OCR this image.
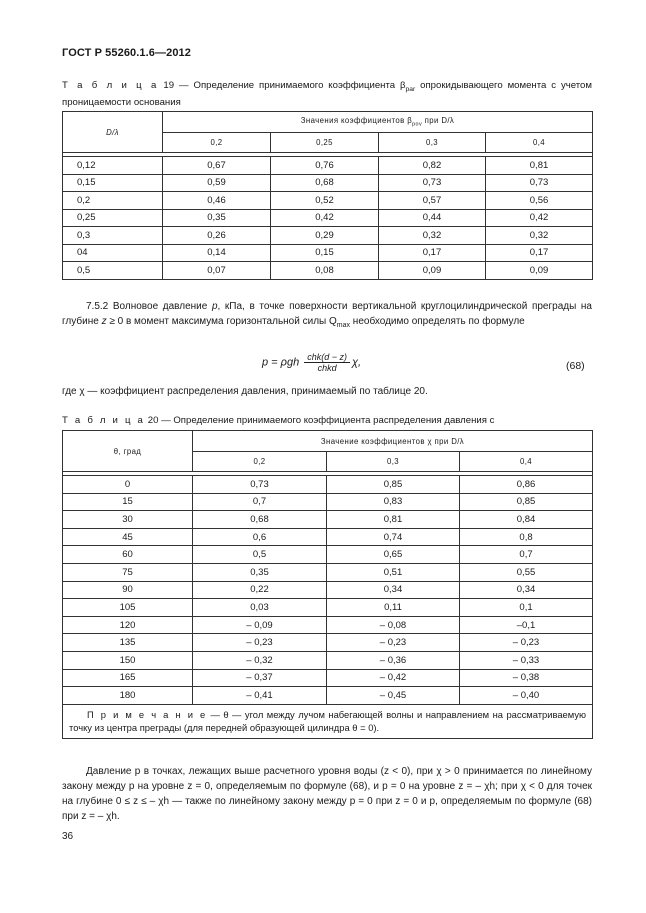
ГОСТ Р 55260.1.6—2012
Т а б л и ц а 19 — Определение принимаемого коэффициента $\beta_{par}$ опрокидывающего момента с учетом проницаемости основания
D/λ	Значения коэффициентов $\beta_{pov}$ при D/λ			
	0,2	0,25	0,3	0,4

0,12	0,67	0,76	0,82	0,81
0,15	0,59	0,68	0,73	0,73
0,2	0,46	0,52	0,57	0,56
0,25	0,35	0,42	0,44	0,42
0,3	0,26	0,29	0,32	0,32
04	0,14	0,15	0,17	0,17
0,5	0,07	0,08	0,09	0,09
7.5.2 Волновое давление p, кПа, в точке поверхности вертикальной круглоцилиндрической преграды на глубине z ≥ 0 в момент максимума горизонтальной силы $Q_{max}$ необходимо определять по формуле
p = ρgh $\frac{\text{chk(d − z)}}{\text{chkd}} \chi$,	(68)
где χ — коэффициент распределения давления, принимаемый по таблице 20.
Т а б л и ц а 20 — Определение принимаемого коэффициента распределения давления c
θ, град	Значение коэффициентов χ при D/λ		
	0,2	0,3	0,4

0	0,73	0,85	0,86
15	0,7	0,83	0,85
30	0,68	0,81	0,84
45	0,6	0,74	0,8
60	0,5	0,65	0,7
75	0,35	0,51	0,55
90	0,22	0,34	0,34
105	0,03	0,11	0,1
120	– 0,09	– 0,08	–0,1
135	– 0,23	– 0,23	– 0,23
150	– 0,32	– 0,36	– 0,33
165	– 0,37	– 0,42	– 0,38
180	– 0,41	– 0,45	– 0,40
П р и м е ч а н и е — θ — угол между лучом набегающей волны и направлением на рассматриваемую точку из центра преграды (для передней образующей цилиндра θ = 0).			
Давление p в точках, лежащих выше расчетного уровня воды (z < 0), при χ > 0 принимается по линейному закону между p на уровне z = 0, определяемым по формуле (68), и p = 0 на уровне z = – χh; при χ < 0 для точек на глубине 0 ≤ z ≤ – χh — также по линейному закону между p = 0 при z = 0 и p, определяемым по формуле (68) при z = – χh.
36
